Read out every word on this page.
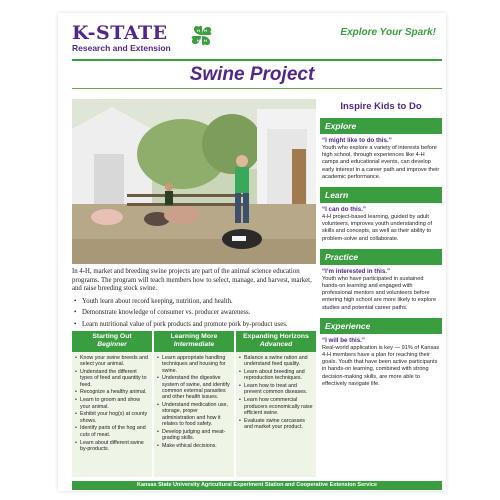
K-STATE
Research and Extension
H H
H
H
Explore Your Spark!
Swine Project
Inspire Kids to Do
Explore
“I might like to do this.”
Youth who explore a variety of interests before high school, through experiences like 4-H camps and educational events, can develop early interest in a career path and improve their academic performance.
Learn
“I can do this.”
4-H project-based learning, guided by adult volunteers, improves youth understanding of skills and concepts, as well as their ability to problem-solve and collaborate.
Practice
“I’m interested in this.”
Youth who have participated in sustained hands-on learning and engaged with professional mentors and volunteers before entering high school are more likely to explore studies and potential career paths.
Experience
“I will be this.”
Real-world application is key — 91% of Kansas 4-H members have a plan for reaching their goals. Youth that have been active participants in hands-on learning, combined with strong decision-making skills, are more able to effectively navigate life.
In 4-H, market and breeding swine projects are part of the animal science education programs. The program will teach members how to select, manage, and harvest, market, and raise breeding stock swine.
• Youth learn about record keeping, nutrition, and health.
• Demonstrate knowledge of consumer vs. producer awareness.
• Learn nutritional value of pork products and promote pork by-product uses.
Starting Out
Beginner
• Know your swine breeds and select your animal.
• Understand the different types of feed and quantity to feed.
• Recognize a healthy animal.
• Learn to groom and show your animal.
• Exhibit your hog(s) at county shows.
• Identify parts of the hog and cuts of meat.
• Learn about different swine by-products.
Learning More
Intermediate
• Learn appropriate handling techniques and housing for swine.
• Understand the digestive system of swine, and identify common external parasites and other health issues.
• Understand medication use, storage, proper administration and how it relates to food safety.
• Develop judging and meat-grading skills.
• Make ethical decisions.
Expanding Horizons
Advanced
• Balance a swine ration and understand feed quality.
• Learn about breeding and reproduction techniques.
• Learn how to treat and prevent common diseases.
• Learn how commercial producers economically raise efficient swine.
• Evaluate swine carcasses and market your product.
Kansas State University Agricultural Experiment Station and Cooperative Extension Service
